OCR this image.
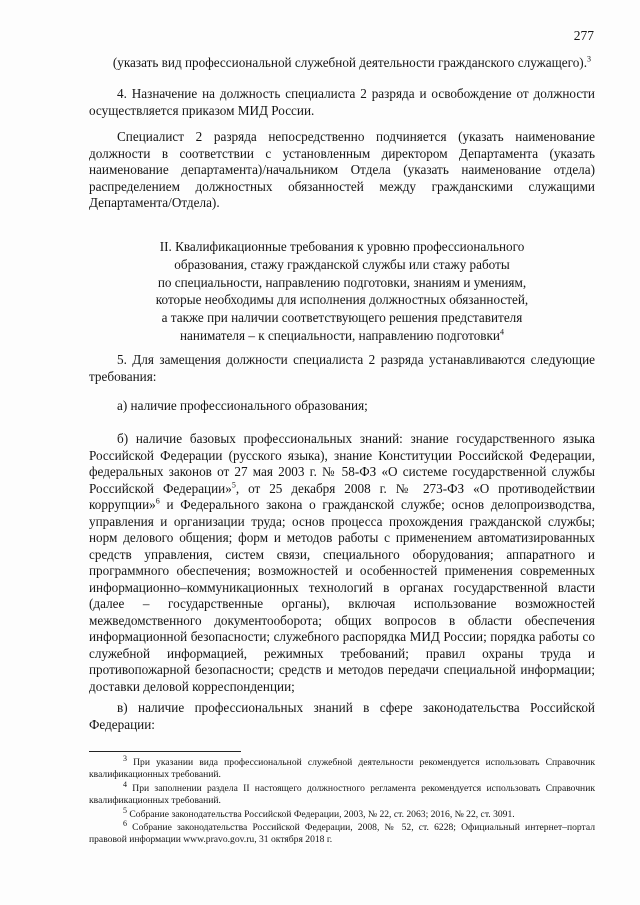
277
(указать вид профессиональной служебной деятельности гражданского служащего).$^3$
4. Назначение на должность специалиста 2 разряда и освобождение от должности осуществляется приказом МИД России.
Специалист 2 разряда непосредственно подчиняется (указать наименование должности в соответствии с установленным директором Департамента (указать наименование департамента)/начальником Отдела (указать наименование отдела) распределением должностных обязанностей между гражданскими служащими Департамента/Отдела).
II. Квалификационные требования к уровню профессионального
образования, стажу гражданской службы или стажу работы
по специальности, направлению подготовки, знаниям и умениям,
которые необходимы для исполнения должностных обязанностей,
а также при наличии соответствующего решения представителя
нанимателя – к специальности, направлению подготовки$^4$
5. Для замещения должности специалиста 2 разряда устанавливаются следующие требования:
а) наличие профессионального образования;
б) наличие базовых профессиональных знаний: знание государственного языка Российской Федерации (русского языка), знание Конституции Российской Федерации, федеральных законов от 27 мая 2003 г. № 58-ФЗ «О системе государственной службы Российской Федерации»$^5$, от 25 декабря 2008 г. № 273-ФЗ «О противодействии коррупции»$^6$ и Федерального закона о гражданской службе; основ делопроизводства, управления и организации труда; основ процесса прохождения гражданской службы; норм делового общения; форм и методов работы с применением автоматизированных средств управления, систем связи, специального оборудования; аппаратного и программного обеспечения; возможностей и особенностей применения современных информационно–коммуникационных технологий в органах государственной власти (далее – государственные органы), включая использование возможностей межведомственного документооборота; общих вопросов в области обеспечения информационной безопасности; служебного распорядка МИД России; порядка работы со служебной информацией, режимных требований; правил охраны труда и противопожарной безопасности; средств и методов передачи специальной информации; доставки деловой корреспонденции;
в) наличие профессиональных знаний в сфере законодательства Российской Федерации:
$^3$ При указании вида профессиональной служебной деятельности рекомендуется использовать Справочник квалификационных требований.
$^4$ При заполнении раздела II настоящего должностного регламента рекомендуется использовать Справочник квалификационных требований.
$^5$ Собрание законодательства Российской Федерации, 2003, № 22, ст. 2063; 2016, № 22, ст. 3091.
$^6$ Собрание законодательства Российской Федерации, 2008, № 52, ст. 6228; Официальный интернет–портал правовой информации www.pravo.gov.ru, 31 октября 2018 г.
